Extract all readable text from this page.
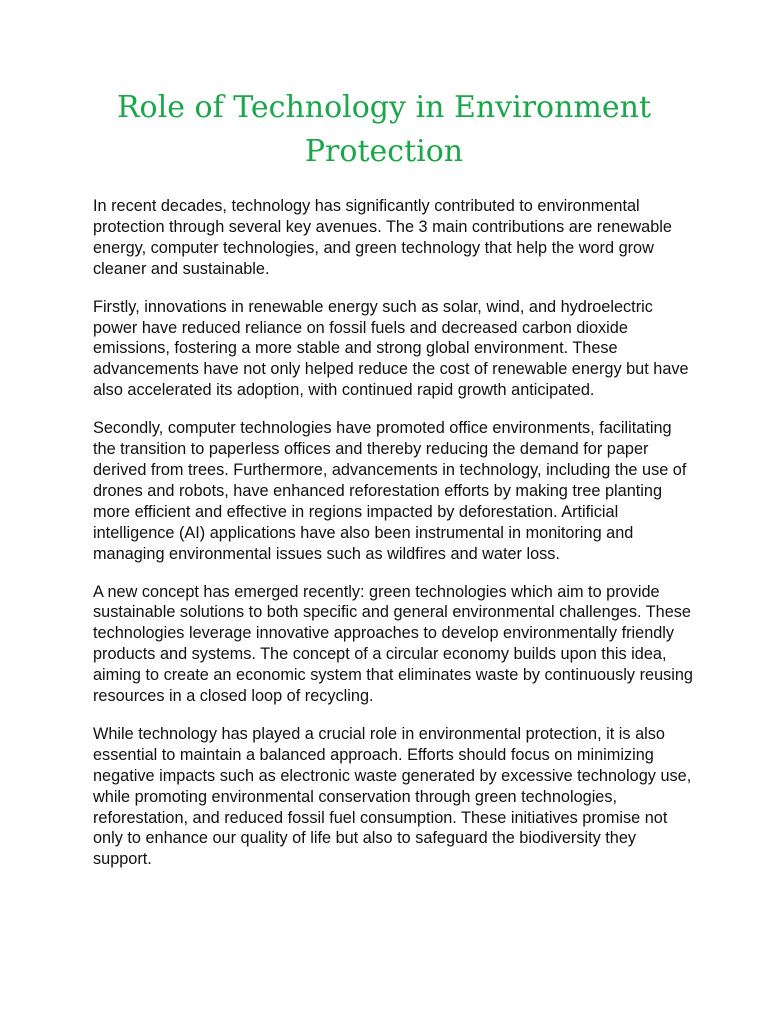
Role of Technology in Environment Protection

In recent decades, technology has significantly contributed to environmental protection through several key avenues. The 3 main contributions are renewable energy, computer technologies, and green technology that help the word grow cleaner and sustainable.

Firstly, innovations in renewable energy such as solar, wind, and hydroelectric power have reduced reliance on fossil fuels and decreased carbon dioxide emissions, fostering a more stable and strong global environment. These advancements have not only helped reduce the cost of renewable energy but have also accelerated its adoption, with continued rapid growth anticipated.

Secondly, computer technologies have promoted office environments, facilitating the transition to paperless offices and thereby reducing the demand for paper derived from trees. Furthermore, advancements in technology, including the use of drones and robots, have enhanced reforestation efforts by making tree planting more efficient and effective in regions impacted by deforestation. Artificial intelligence (AI) applications have also been instrumental in monitoring and managing environmental issues such as wildfires and water loss.

A new concept has emerged recently: green technologies which aim to provide sustainable solutions to both specific and general environmental challenges. These technologies leverage innovative approaches to develop environmentally friendly products and systems. The concept of a circular economy builds upon this idea, aiming to create an economic system that eliminates waste by continuously reusing resources in a closed loop of recycling.

While technology has played a crucial role in environmental protection, it is also essential to maintain a balanced approach. Efforts should focus on minimizing negative impacts such as electronic waste generated by excessive technology use, while promoting environmental conservation through green technologies, reforestation, and reduced fossil fuel consumption. These initiatives promise not only to enhance our quality of life but also to safeguard the biodiversity they support.
